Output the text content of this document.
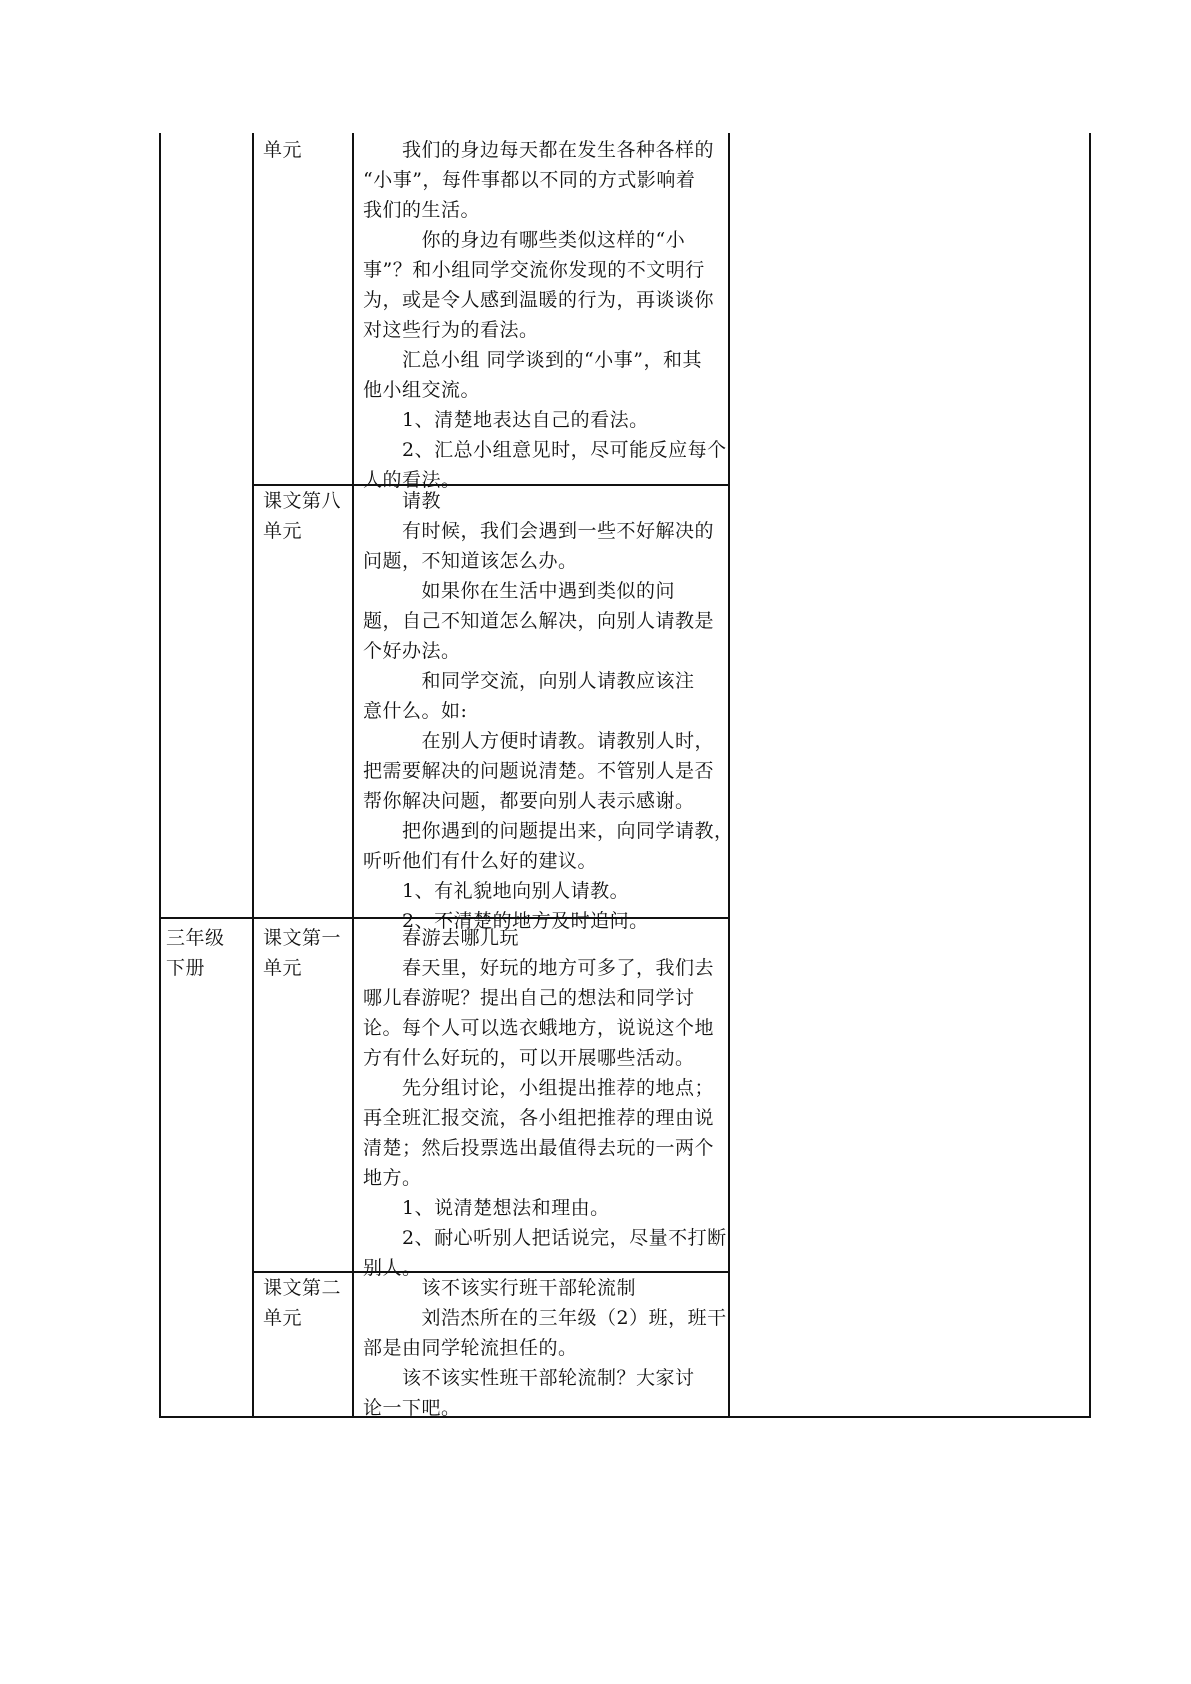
三年级
下册
单元
课文第八
单元
课文第一
单元
课文第二
单元
　　我们的身边每天都在发生各种各样的
“小事”，每件事都以不同的方式影响着
我们的生活。
　　　你的身边有哪些类似这样的“小
事”？和小组同学交流你发现的不文明行
为，或是令人感到温暖的行为，再谈谈你
对这些行为的看法。
　　汇总小组 同学谈到的“小事”，和其
他小组交流。
　　1、清楚地表达自己的看法。
　　2、汇总小组意见时，尽可能反应每个
人的看法。
　　请教
　　有时候，我们会遇到一些不好解决的
问题，不知道该怎么办。
　　　如果你在生活中遇到类似的问
题，自己不知道怎么解决，向别人请教是
个好办法。
　　　和同学交流，向别人请教应该注
意什么。如:
　　　在别人方便时请教。请教别人时，
把需要解决的问题说清楚。不管别人是否
帮你解决问题，都要向别人表示感谢。
　　把你遇到的问题提出来，向同学请教，
听听他们有什么好的建议。
　　1、有礼貌地向别人请教。
　　2、不清楚的地方及时追问。
　　春游去哪儿玩
　　春天里，好玩的地方可多了，我们去
哪儿春游呢？提出自己的想法和同学讨
论。每个人可以选衣蛾地方，说说这个地
方有什么好玩的，可以开展哪些活动。
　　先分组讨论，小组提出推荐的地点；
再全班汇报交流，各小组把推荐的理由说
清楚；然后投票选出最值得去玩的一两个
地方。
　　1、说清楚想法和理由。
　　2、耐心听别人把话说完，尽量不打断
别人。
　　　该不该实行班干部轮流制
　　　刘浩杰所在的三年级（2）班，班干
部是由同学轮流担任的。
　　该不该实性班干部轮流制？大家讨
论一下吧。
